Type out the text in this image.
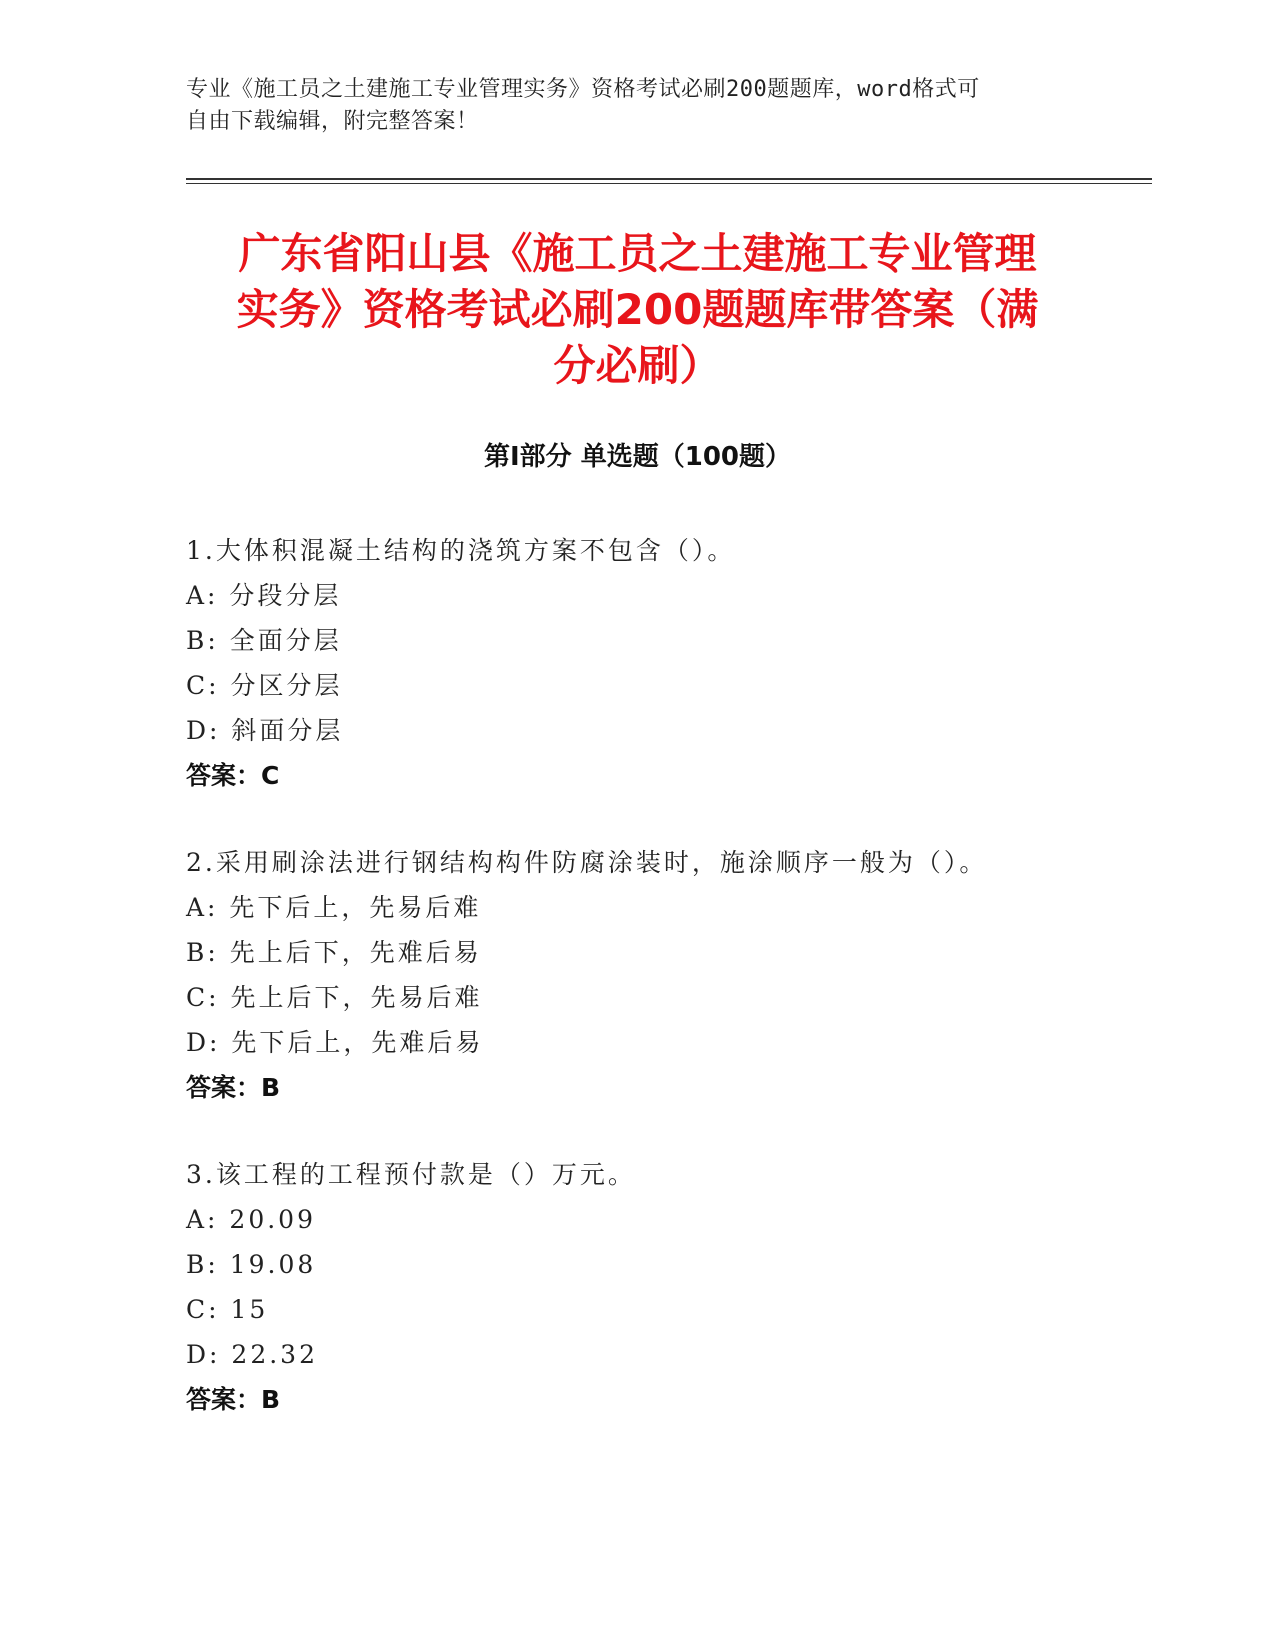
专业《施工员之土建施工专业管理实务》资格考试必刷200题题库，word格式可
自由下载编辑，附完整答案！
广东省阳山县《施工员之土建施工专业管理
实务》资格考试必刷200题题库带答案（满
分必刷）
第Ⅰ部分 单选题（100题）
1.大体积混凝土结构的浇筑方案不包含（）。
A: 分段分层
B: 全面分层
C: 分区分层
D: 斜面分层
答案：C
2.采用刷涂法进行钢结构构件防腐涂装时，施涂顺序一般为（）。
A: 先下后上，先易后难
B: 先上后下，先难后易
C: 先上后下，先易后难
D: 先下后上，先难后易
答案：B
3.该工程的工程预付款是（）万元。
A: 20.09
B: 19.08
C: 15
D: 22.32
答案：B
